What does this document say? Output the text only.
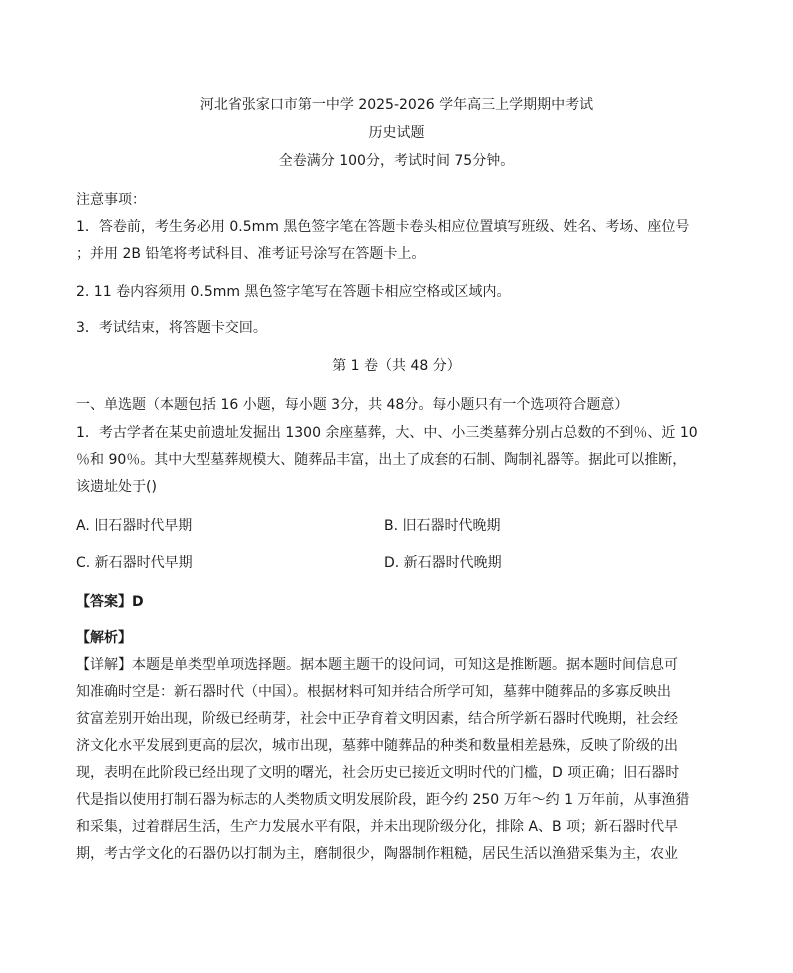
河北省张家口市第一中学 2025-2026 学年高三上学期期中考试
历史试题
全卷满分 100分，考试时间 75分钟。
注意事项：
1．答卷前，考生务必用 0.5mm 黑色签字笔在答题卡卷头相应位置填写班级、姓名、考场、座位号
；并用 2B 铅笔将考试科目、准考证号涂写在答题卡上。
2. 11 卷内容须用 0.5mm 黑色签字笔写在答题卡相应空格或区域内。
3．考试结束，将答题卡交回。
第 1 卷（共 48 分）
一、单选题（本题包括 16 小题，每小题 3分，共 48分。每小题只有一个选项符合题意）
1．考古学者在某史前遗址发掘出 1300 余座墓葬，大、中、小三类墓葬分别占总数的不到％、近 10
％和 90％。其中大型墓葬规模大、随葬品丰富，出土了成套的石制、陶制礼器等。据此可以推断，
该遗址处于()
A. 旧石器时代早期	B. 旧石器时代晚期
C. 新石器时代早期	D. 新石器时代晚期
【答案】D
【解析】
【详解】本题是单类型单项选择题。据本题主题干的设问词，可知这是推断题。据本题时间信息可
知准确时空是：新石器时代（中国）。根据材料可知并结合所学可知，墓葬中随葬品的多寡反映出
贫富差别开始出现，阶级已经萌芽，社会中正孕育着文明因素，结合所学新石器时代晚期，社会经
济文化水平发展到更高的层次，城市出现，墓葬中随葬品的种类和数量相差悬殊，反映了阶级的出
现，表明在此阶段已经出现了文明的曙光，社会历史已接近文明时代的门槛，D 项正确；旧石器时
代是指以使用打制石器为标志的人类物质文明发展阶段，距今约 250 万年～约 1 万年前，从事渔猎
和采集，过着群居生活，生产力发展水平有限，并未出现阶级分化，排除 A、B 项；新石器时代早
期，考古学文化的石器仍以打制为主，磨制很少，陶器制作粗糙，居民生活以渔猎采集为主，农业
